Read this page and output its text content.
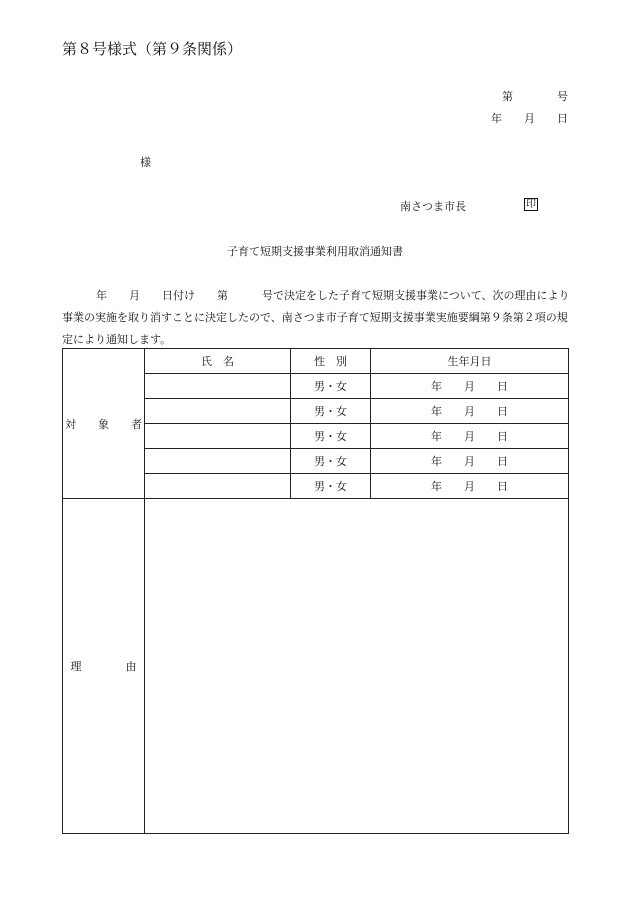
第８号様式（第９条関係）
第　　　　号
年　　月　　日
様
南さつま市長	印
子育て短期支援事業利用取消通知書
年 月 日付け 第	号で決定をした子育て短期支援事業について、次の理由により
事業の実施を取り消すことに決定したので、南さつま市子育て短期支援事業実施要綱第９条第２項の規
定により通知します。
対　　象　　者	氏　名	性　別	生年月日
		男・女	年　　月　　日
		男・女	年　　月　　日
		男・女	年　　月　　日
		男・女	年　　月　　日
		男・女	年　　月　　日
理　　　　由			
